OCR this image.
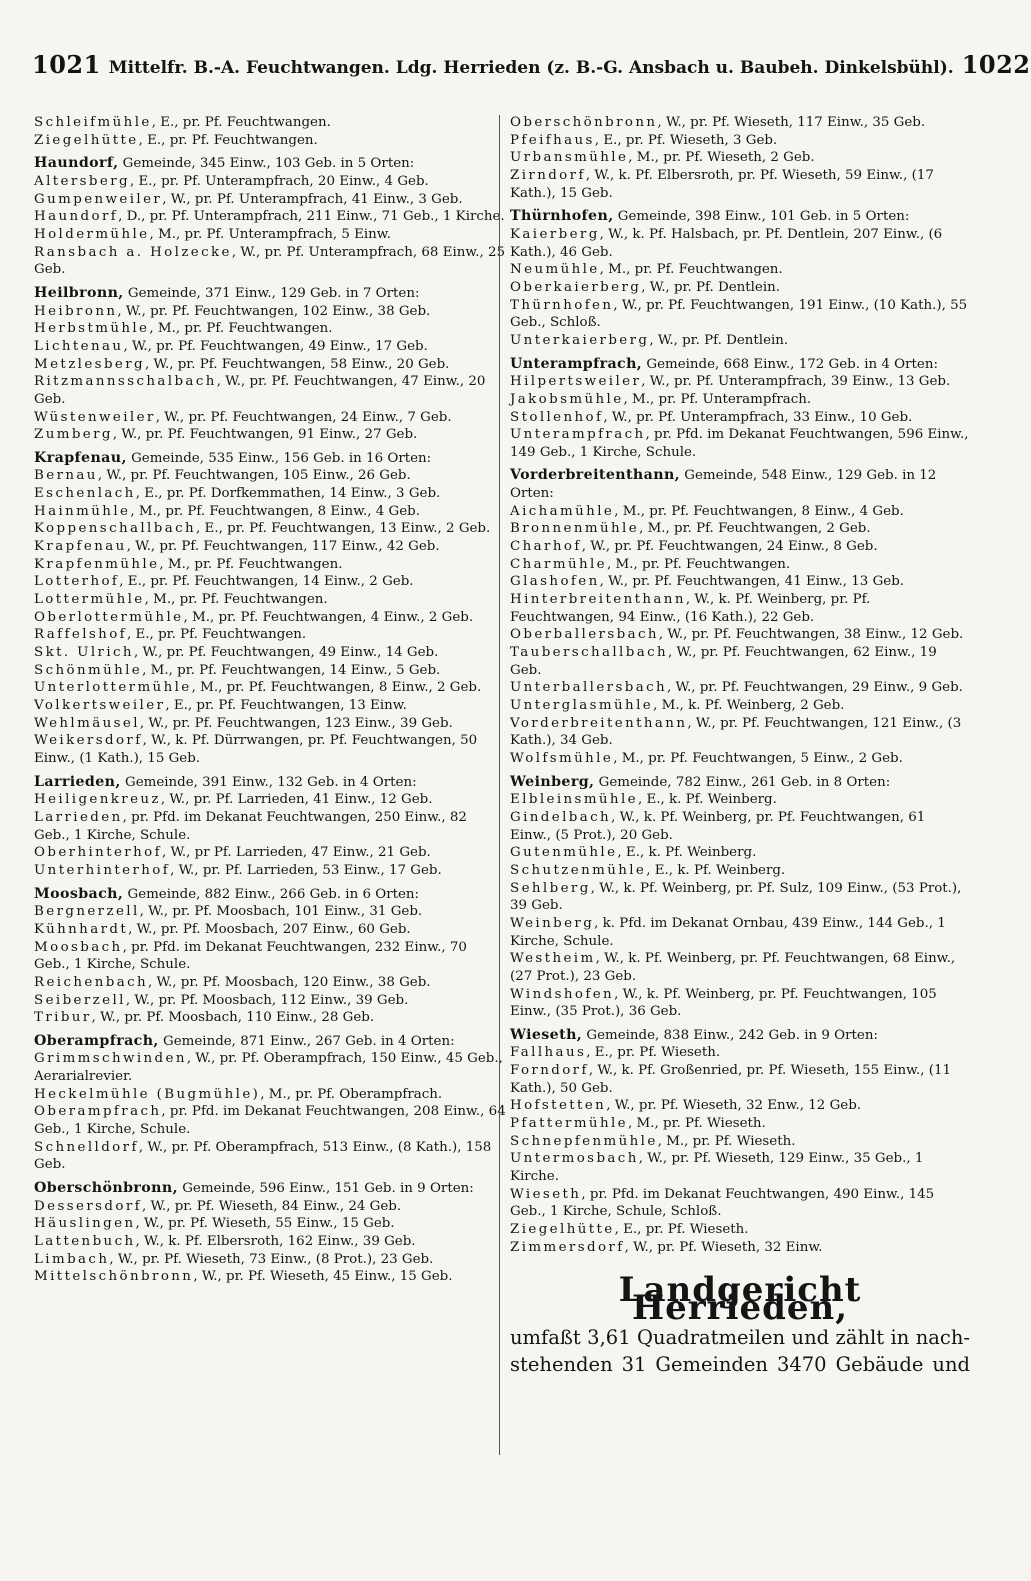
1021 Mittelfr. B.-A. Feuchtwangen. Ldg. Herrieden (z. B.-G. Ansbach u. Baubeh. Dinkelsbühl). 1022

Schleifmühle, E., pr. Pf. Feuchtwangen.

Ziegelhütte, E., pr. Pf. Feuchtwangen.

Haundorf, Gemeinde, 345 Einw., 103 Geb. in 5 Orten:

Altersberg, E., pr. Pf. Unterampfrach, 20 Einw., 4 Geb.

Gumpenweiler, W., pr. Pf. Unterampfrach, 41 Einw., 3 Geb.

Haundorf, D., pr. Pf. Unterampfrach, 211 Einw., 71 Geb., 1 Kirche.

Holdermühle, M., pr. Pf. Unterampfrach, 5 Einw.

Ransbach a. Holzecke, W., pr. Pf. Unterampfrach, 68 Einw., 25 Geb.

Heilbronn, Gemeinde, 371 Einw., 129 Geb. in 7 Orten:

Heibronn, W., pr. Pf. Feuchtwangen, 102 Einw., 38 Geb.

Herbstmühle, M., pr. Pf. Feuchtwangen.

Lichtenau, W., pr. Pf. Feuchtwangen, 49 Einw., 17 Geb.

Metzlesberg, W., pr. Pf. Feuchtwangen, 58 Einw., 20 Geb.

Ritzmannsschalbach, W., pr. Pf. Feuchtwangen, 47 Einw., 20 Geb.

Wüstenweiler, W., pr. Pf. Feuchtwangen, 24 Einw., 7 Geb.

Zumberg, W., pr. Pf. Feuchtwangen, 91 Einw., 27 Geb.

Krapfenau, Gemeinde, 535 Einw., 156 Geb. in 16 Orten:

Bernau, W., pr. Pf. Feuchtwangen, 105 Einw., 26 Geb.

Eschenlach, E., pr. Pf. Dorfkemmathen, 14 Einw., 3 Geb.

Hainmühle, M., pr. Pf. Feuchtwangen, 8 Einw., 4 Geb.

Koppenschallbach, E., pr. Pf. Feuchtwangen, 13 Einw., 2 Geb.

Krapfenau, W., pr. Pf. Feuchtwangen, 117 Einw., 42 Geb.

Krapfenmühle, M., pr. Pf. Feuchtwangen.

Lotterhof, E., pr. Pf. Feuchtwangen, 14 Einw., 2 Geb.

Lottermühle, M., pr. Pf. Feuchtwangen.

Oberlottermühle, M., pr. Pf. Feuchtwangen, 4 Einw., 2 Geb.

Raffelshof, E., pr. Pf. Feuchtwangen.

Skt. Ulrich, W., pr. Pf. Feuchtwangen, 49 Einw., 14 Geb.

Schönmühle, M., pr. Pf. Feuchtwangen, 14 Einw., 5 Geb.

Unterlottermühle, M., pr. Pf. Feuchtwangen, 8 Einw., 2 Geb.

Volkertsweiler, E., pr. Pf. Feuchtwangen, 13 Einw.

Wehlmäusel, W., pr. Pf. Feuchtwangen, 123 Einw., 39 Geb.

Weikersdorf, W., k. Pf. Dürrwangen, pr. Pf. Feuchtwangen, 50 Einw., (1 Kath.), 15 Geb.

Larrieden, Gemeinde, 391 Einw., 132 Geb. in 4 Orten:

Heiligenkreuz, W., pr. Pf. Larrieden, 41 Einw., 12 Geb.

Larrieden, pr. Pfd. im Dekanat Feuchtwangen, 250 Einw., 82 Geb., 1 Kirche, Schule.

Oberhinterhof, W., pr Pf. Larrieden, 47 Einw., 21 Geb.

Unterhinterhof, W., pr. Pf. Larrieden, 53 Einw., 17 Geb.

Moosbach, Gemeinde, 882 Einw., 266 Geb. in 6 Orten:

Bergnerzell, W., pr. Pf. Moosbach, 101 Einw., 31 Geb.

Kühnhardt, W., pr. Pf. Moosbach, 207 Einw., 60 Geb.

Moosbach, pr. Pfd. im Dekanat Feuchtwangen, 232 Einw., 70 Geb., 1 Kirche, Schule.

Reichenbach, W., pr. Pf. Moosbach, 120 Einw., 38 Geb.

Seiberzell, W., pr. Pf. Moosbach, 112 Einw., 39 Geb.

Tribur, W., pr. Pf. Moosbach, 110 Einw., 28 Geb.

Oberampfrach, Gemeinde, 871 Einw., 267 Geb. in 4 Orten:

Grimmschwinden, W., pr. Pf. Oberampfrach, 150 Einw., 45 Geb., Aerarialrevier.

Heckelmühle (Bugmühle), M., pr. Pf. Oberampfrach.

Oberampfrach, pr. Pfd. im Dekanat Feuchtwangen, 208 Einw., 64 Geb., 1 Kirche, Schule.

Schnelldorf, W., pr. Pf. Oberampfrach, 513 Einw., (8 Kath.), 158 Geb.

Oberschönbronn, Gemeinde, 596 Einw., 151 Geb. in 9 Orten:

Dessersdorf, W., pr. Pf. Wieseth, 84 Einw., 24 Geb.

Häuslingen, W., pr. Pf. Wieseth, 55 Einw., 15 Geb.

Lattenbuch, W., k. Pf. Elbersroth, 162 Einw., 39 Geb.

Limbach, W., pr. Pf. Wieseth, 73 Einw., (8 Prot.), 23 Geb.

Mittelschönbronn, W., pr. Pf. Wieseth, 45 Einw., 15 Geb.

Oberschönbronn, W., pr. Pf. Wieseth, 117 Einw., 35 Geb.

Pfeifhaus, E., pr. Pf. Wieseth, 3 Geb.

Urbansmühle, M., pr. Pf. Wieseth, 2 Geb.

Zirndorf, W., k. Pf. Elbersroth, pr. Pf. Wieseth, 59 Einw., (17 Kath.), 15 Geb.

Thürnhofen, Gemeinde, 398 Einw., 101 Geb. in 5 Orten:

Kaierberg, W., k. Pf. Halsbach, pr. Pf. Dentlein, 207 Einw., (6 Kath.), 46 Geb.

Neumühle, M., pr. Pf. Feuchtwangen.

Oberkaierberg, W., pr. Pf. Dentlein.

Thürnhofen, W., pr. Pf. Feuchtwangen, 191 Einw., (10 Kath.), 55 Geb., Schloß.

Unterkaierberg, W., pr. Pf. Dentlein.

Unterampfrach, Gemeinde, 668 Einw., 172 Geb. in 4 Orten:

Hilpertsweiler, W., pr. Pf. Unterampfrach, 39 Einw., 13 Geb.

Jakobsmühle, M., pr. Pf. Unterampfrach.

Stollenhof, W., pr. Pf. Unterampfrach, 33 Einw., 10 Geb.

Unterampfrach, pr. Pfd. im Dekanat Feuchtwangen, 596 Einw., 149 Geb., 1 Kirche, Schule.

Vorderbreitenthann, Gemeinde, 548 Einw., 129 Geb. in 12 Orten:

Aichamühle, M., pr. Pf. Feuchtwangen, 8 Einw., 4 Geb.

Bronnenmühle, M., pr. Pf. Feuchtwangen, 2 Geb.

Charhof, W., pr. Pf. Feuchtwangen, 24 Einw., 8 Geb.

Charmühle, M., pr. Pf. Feuchtwangen.

Glashofen, W., pr. Pf. Feuchtwangen, 41 Einw., 13 Geb.

Hinterbreitenthann, W., k. Pf. Weinberg, pr. Pf. Feuchtwangen, 94 Einw., (16 Kath.), 22 Geb.

Oberballersbach, W., pr. Pf. Feuchtwangen, 38 Einw., 12 Geb.

Tauberschallbach, W., pr. Pf. Feuchtwangen, 62 Einw., 19 Geb.

Unterballersbach, W., pr. Pf. Feuchtwangen, 29 Einw., 9 Geb.

Unterglasmühle, M., k. Pf. Weinberg, 2 Geb.

Vorderbreitenthann, W., pr. Pf. Feuchtwangen, 121 Einw., (3 Kath.), 34 Geb.

Wolfsmühle, M., pr. Pf. Feuchtwangen, 5 Einw., 2 Geb.

Weinberg, Gemeinde, 782 Einw., 261 Geb. in 8 Orten:

Elbleinsmühle, E., k. Pf. Weinberg.

Gindelbach, W., k. Pf. Weinberg, pr. Pf. Feuchtwangen, 61 Einw., (5 Prot.), 20 Geb.

Gutenmühle, E., k. Pf. Weinberg.

Schutzenmühle, E., k. Pf. Weinberg.

Sehlberg, W., k. Pf. Weinberg, pr. Pf. Sulz, 109 Einw., (53 Prot.), 39 Geb.

Weinberg, k. Pfd. im Dekanat Ornbau, 439 Einw., 144 Geb., 1 Kirche, Schule.

Westheim, W., k. Pf. Weinberg, pr. Pf. Feuchtwangen, 68 Einw., (27 Prot.), 23 Geb.

Windshofen, W., k. Pf. Weinberg, pr. Pf. Feuchtwangen, 105 Einw., (35 Prot.), 36 Geb.

Wieseth, Gemeinde, 838 Einw., 242 Geb. in 9 Orten:

Fallhaus, E., pr. Pf. Wieseth.

Forndorf, W., k. Pf. Großenried, pr. Pf. Wieseth, 155 Einw., (11 Kath.), 50 Geb.

Hofstetten, W., pr. Pf. Wieseth, 32 Enw., 12 Geb.

Pfattermühle, M., pr. Pf. Wieseth.

Schnepfenmühle, M., pr. Pf. Wieseth.

Untermosbach, W., pr. Pf. Wieseth, 129 Einw., 35 Geb., 1 Kirche.

Wieseth, pr. Pfd. im Dekanat Feuchtwangen, 490 Einw., 145 Geb., 1 Kirche, Schule, Schloß.

Ziegelhütte, E., pr. Pf. Wieseth.

Zimmersdorf, W., pr. Pf. Wieseth, 32 Einw.

Landgericht Herrieden,
umfaßt 3,61 Quadratmeilen und zählt in nach-
stehenden 31 Gemeinden 3470 Gebäude und
